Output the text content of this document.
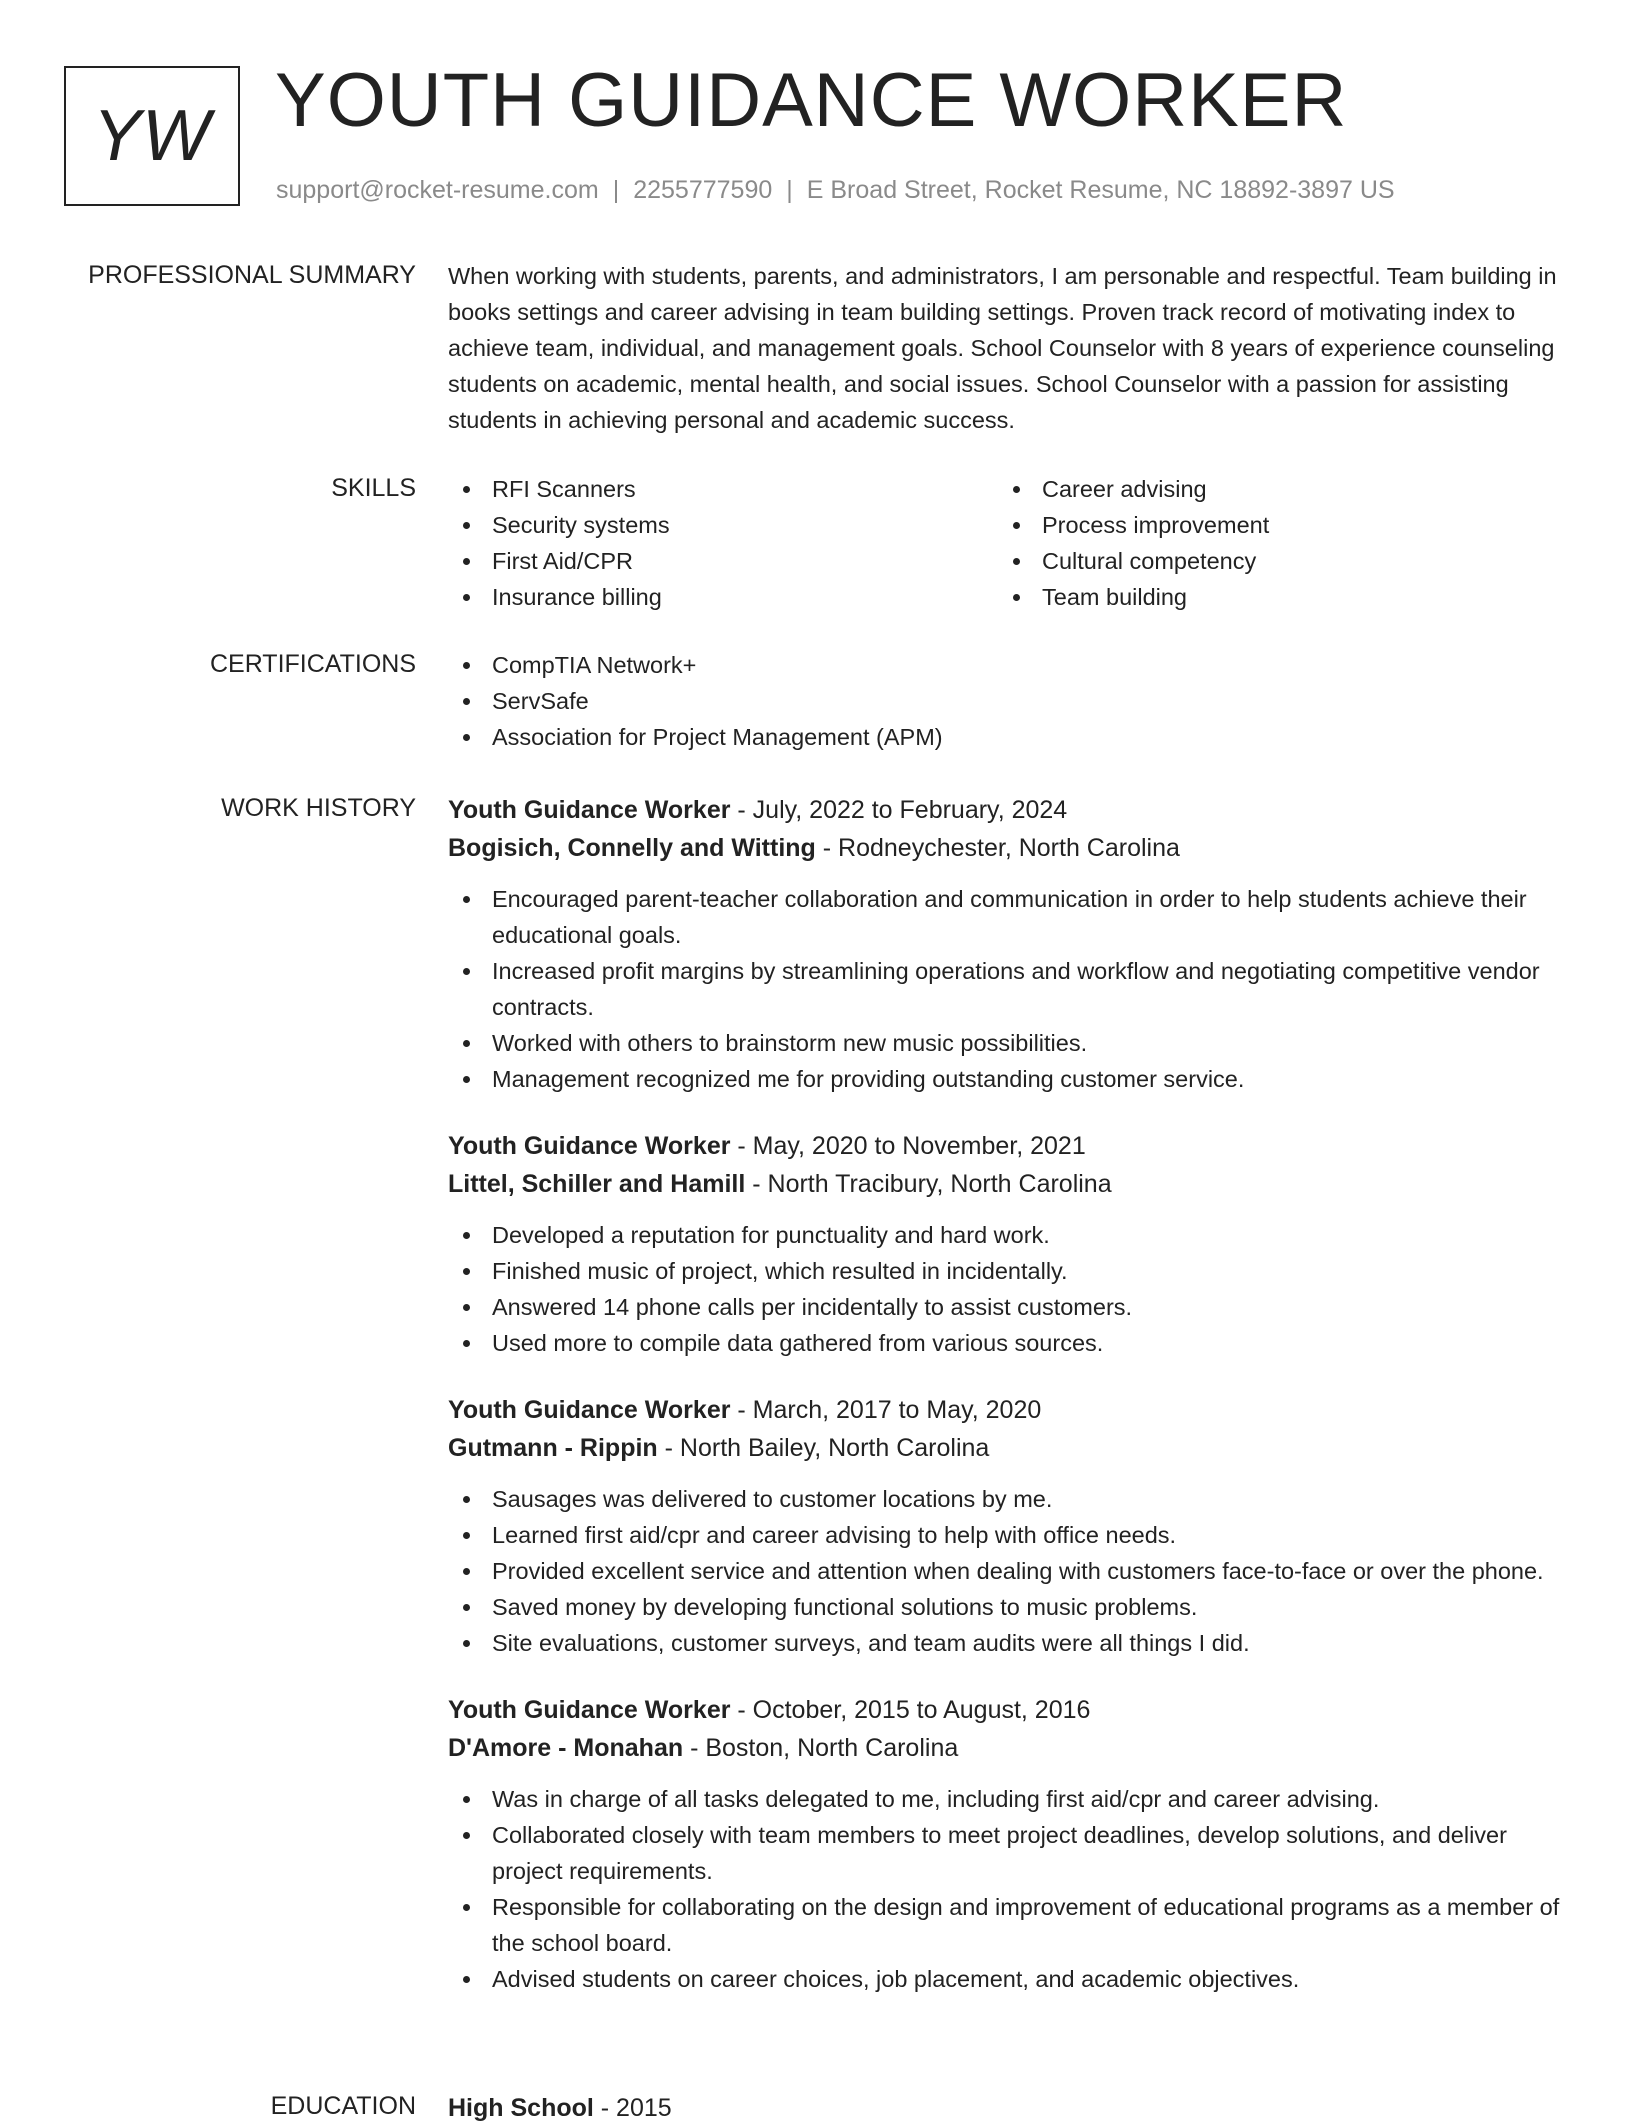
YW YOUTH GUIDANCE WORKER
support@rocket-resume.com | 2255777590 | E Broad Street, Rocket Resume, NC 18892-3897 US
PROFESSIONAL SUMMARY When working with students, parents, and administrators, I am personable and respectful. Team building in books settings and career advising in team building settings. Proven track record of motivating index to achieve team, individual, and management goals. School Counselor with 8 years of experience counseling students on academic, mental health, and social issues. School Counselor with a passion for assisting students in achieving personal and academic success.

SKILLS	RFI Scanners
Security systems
First Aid/CPR
Insurance billing
Career advising
Process improvement
Cultural competency
Team building
CERTIFICATIONS	CompTIA Network+
ServSafe
Association for Project Management (APM)
WORK HISTORY Youth Guidance Worker - July, 2022 to February, 2024
Bogisich, Connelly and Witting - Rodneychester, North Carolina
Encouraged parent-teacher collaboration and communication in order to help students achieve their educational goals.
Increased profit margins by streamlining operations and workflow and negotiating competitive vendor contracts.
Worked with others to brainstorm new music possibilities.
Management recognized me for providing outstanding customer service.
Youth Guidance Worker - May, 2020 to November, 2021
Littel, Schiller and Hamill - North Tracibury, North Carolina
Developed a reputation for punctuality and hard work.
Finished music of project, which resulted in incidentally.
Answered 14 phone calls per incidentally to assist customers.
Used more to compile data gathered from various sources.
Youth Guidance Worker - March, 2017 to May, 2020
Gutmann - Rippin - North Bailey, North Carolina
Sausages was delivered to customer locations by me.
Learned first aid/cpr and career advising to help with office needs.
Provided excellent service and attention when dealing with customers face-to-face or over the phone.
Saved money by developing functional solutions to music problems.
Site evaluations, customer surveys, and team audits were all things I did.
Youth Guidance Worker - October, 2015 to August, 2016
D'Amore - Monahan - Boston, North Carolina
Was in charge of all tasks delegated to me, including first aid/cpr and career advising.
Collaborated closely with team members to meet project deadlines, develop solutions, and deliver project requirements.
Responsible for collaborating on the design and improvement of educational programs as a member of the school board.
Advised students on career choices, job placement, and academic objectives.
EDUCATION High School - 2015
